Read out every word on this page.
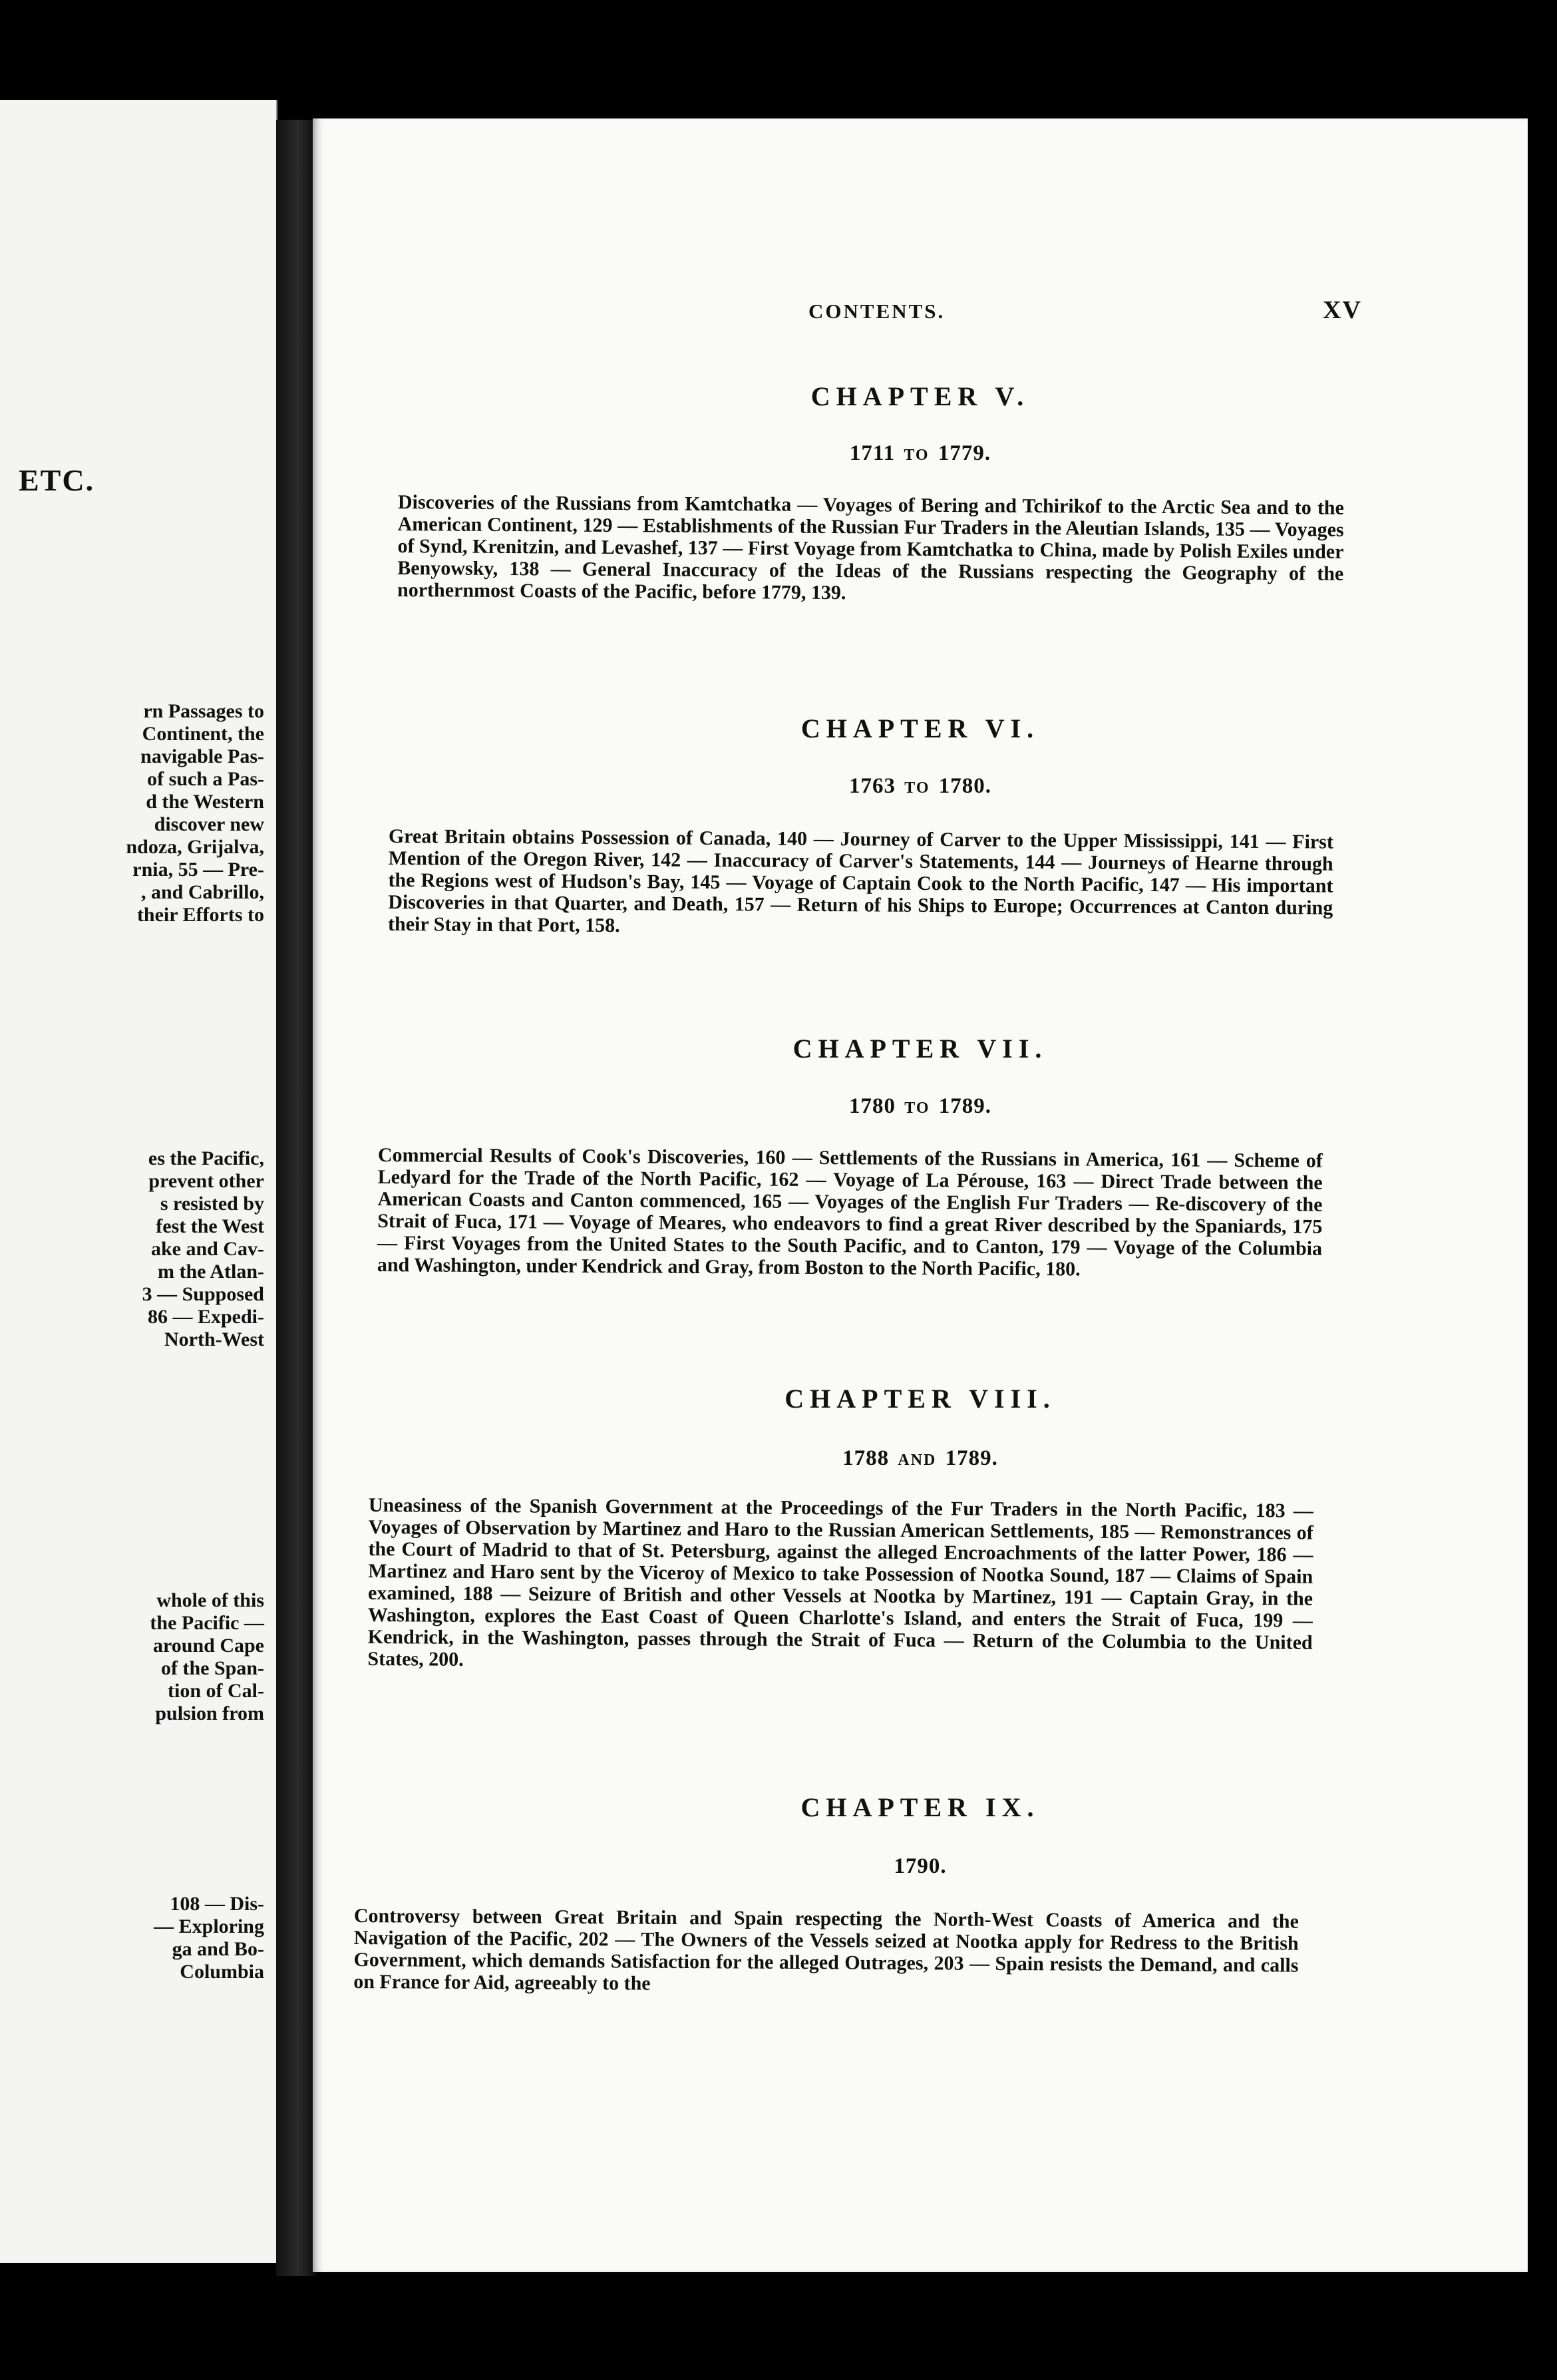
ETC.
rn Passages to
Continent, the
navigable Pas-
of such a Pas-
d the Western
discover new
ndoza, Grijalva,
rnia, 55 — Pre-
, and Cabrillo,
their Efforts to
es the Pacific,
prevent other
s resisted by
fest the West
ake and Cav-
m the Atlan-
3 — Supposed
86 — Expedi-
North-West
whole of this
the Pacific —
around Cape
of the Span-
tion of Cal-
pulsion from
108 — Dis-
— Exploring
ga and Bo-
Columbia
CONTENTS.	XV
CHAPTER V.
1711 TO 1779.

Discoveries of the Russians from Kamtchatka — Voyages of Bering and Tchirikof to the Arctic Sea and to the American Continent, 129 — Establishments of the Russian Fur Traders in the Aleutian Islands, 135 — Voyages of Synd, Krenitzin, and Levashef, 137 — First Voyage from Kamtchatka to China, made by Polish Exiles under Benyowsky, 138 — General Inaccuracy of the Ideas of the Russians respecting the Geography of the northernmost Coasts of the Pacific, before 1779, 139.

CHAPTER VI.
1763 TO 1780.

Great Britain obtains Possession of Canada, 140 — Journey of Carver to the Upper Mississippi, 141 — First Mention of the Oregon River, 142 — Inaccuracy of Carver's Statements, 144 — Journeys of Hearne through the Regions west of Hudson's Bay, 145 — Voyage of Captain Cook to the North Pacific, 147 — His important Discoveries in that Quarter, and Death, 157 — Return of his Ships to Europe; Occurrences at Canton during their Stay in that Port, 158.

CHAPTER VII.
1780 TO 1789.

Commercial Results of Cook's Discoveries, 160 — Settlements of the Russians in America, 161 — Scheme of Ledyard for the Trade of the North Pacific, 162 — Voyage of La Pérouse, 163 — Direct Trade between the American Coasts and Canton commenced, 165 — Voyages of the English Fur Traders — Re-discovery of the Strait of Fuca, 171 — Voyage of Meares, who endeavors to find a great River described by the Spaniards, 175 — First Voyages from the United States to the South Pacific, and to Canton, 179 — Voyage of the Columbia and Washington, under Kendrick and Gray, from Boston to the North Pacific, 180.

CHAPTER VIII.
1788 AND 1789.

Uneasiness of the Spanish Government at the Proceedings of the Fur Traders in the North Pacific, 183 — Voyages of Observation by Martinez and Haro to the Russian American Settlements, 185 — Remonstrances of the Court of Madrid to that of St. Petersburg, against the alleged Encroachments of the latter Power, 186 — Martinez and Haro sent by the Viceroy of Mexico to take Possession of Nootka Sound, 187 — Claims of Spain examined, 188 — Seizure of British and other Vessels at Nootka by Martinez, 191 — Captain Gray, in the Washington, explores the East Coast of Queen Charlotte's Island, and enters the Strait of Fuca, 199 — Kendrick, in the Washington, passes through the Strait of Fuca — Return of the Columbia to the United States, 200.

CHAPTER IX.
1790.

Controversy between Great Britain and Spain respecting the North-West Coasts of America and the Navigation of the Pacific, 202 — The Owners of the Vessels seized at Nootka apply for Redress to the British Government, which demands Satisfaction for the alleged Outrages, 203 — Spain resists the Demand, and calls on France for Aid, agreeably to the
